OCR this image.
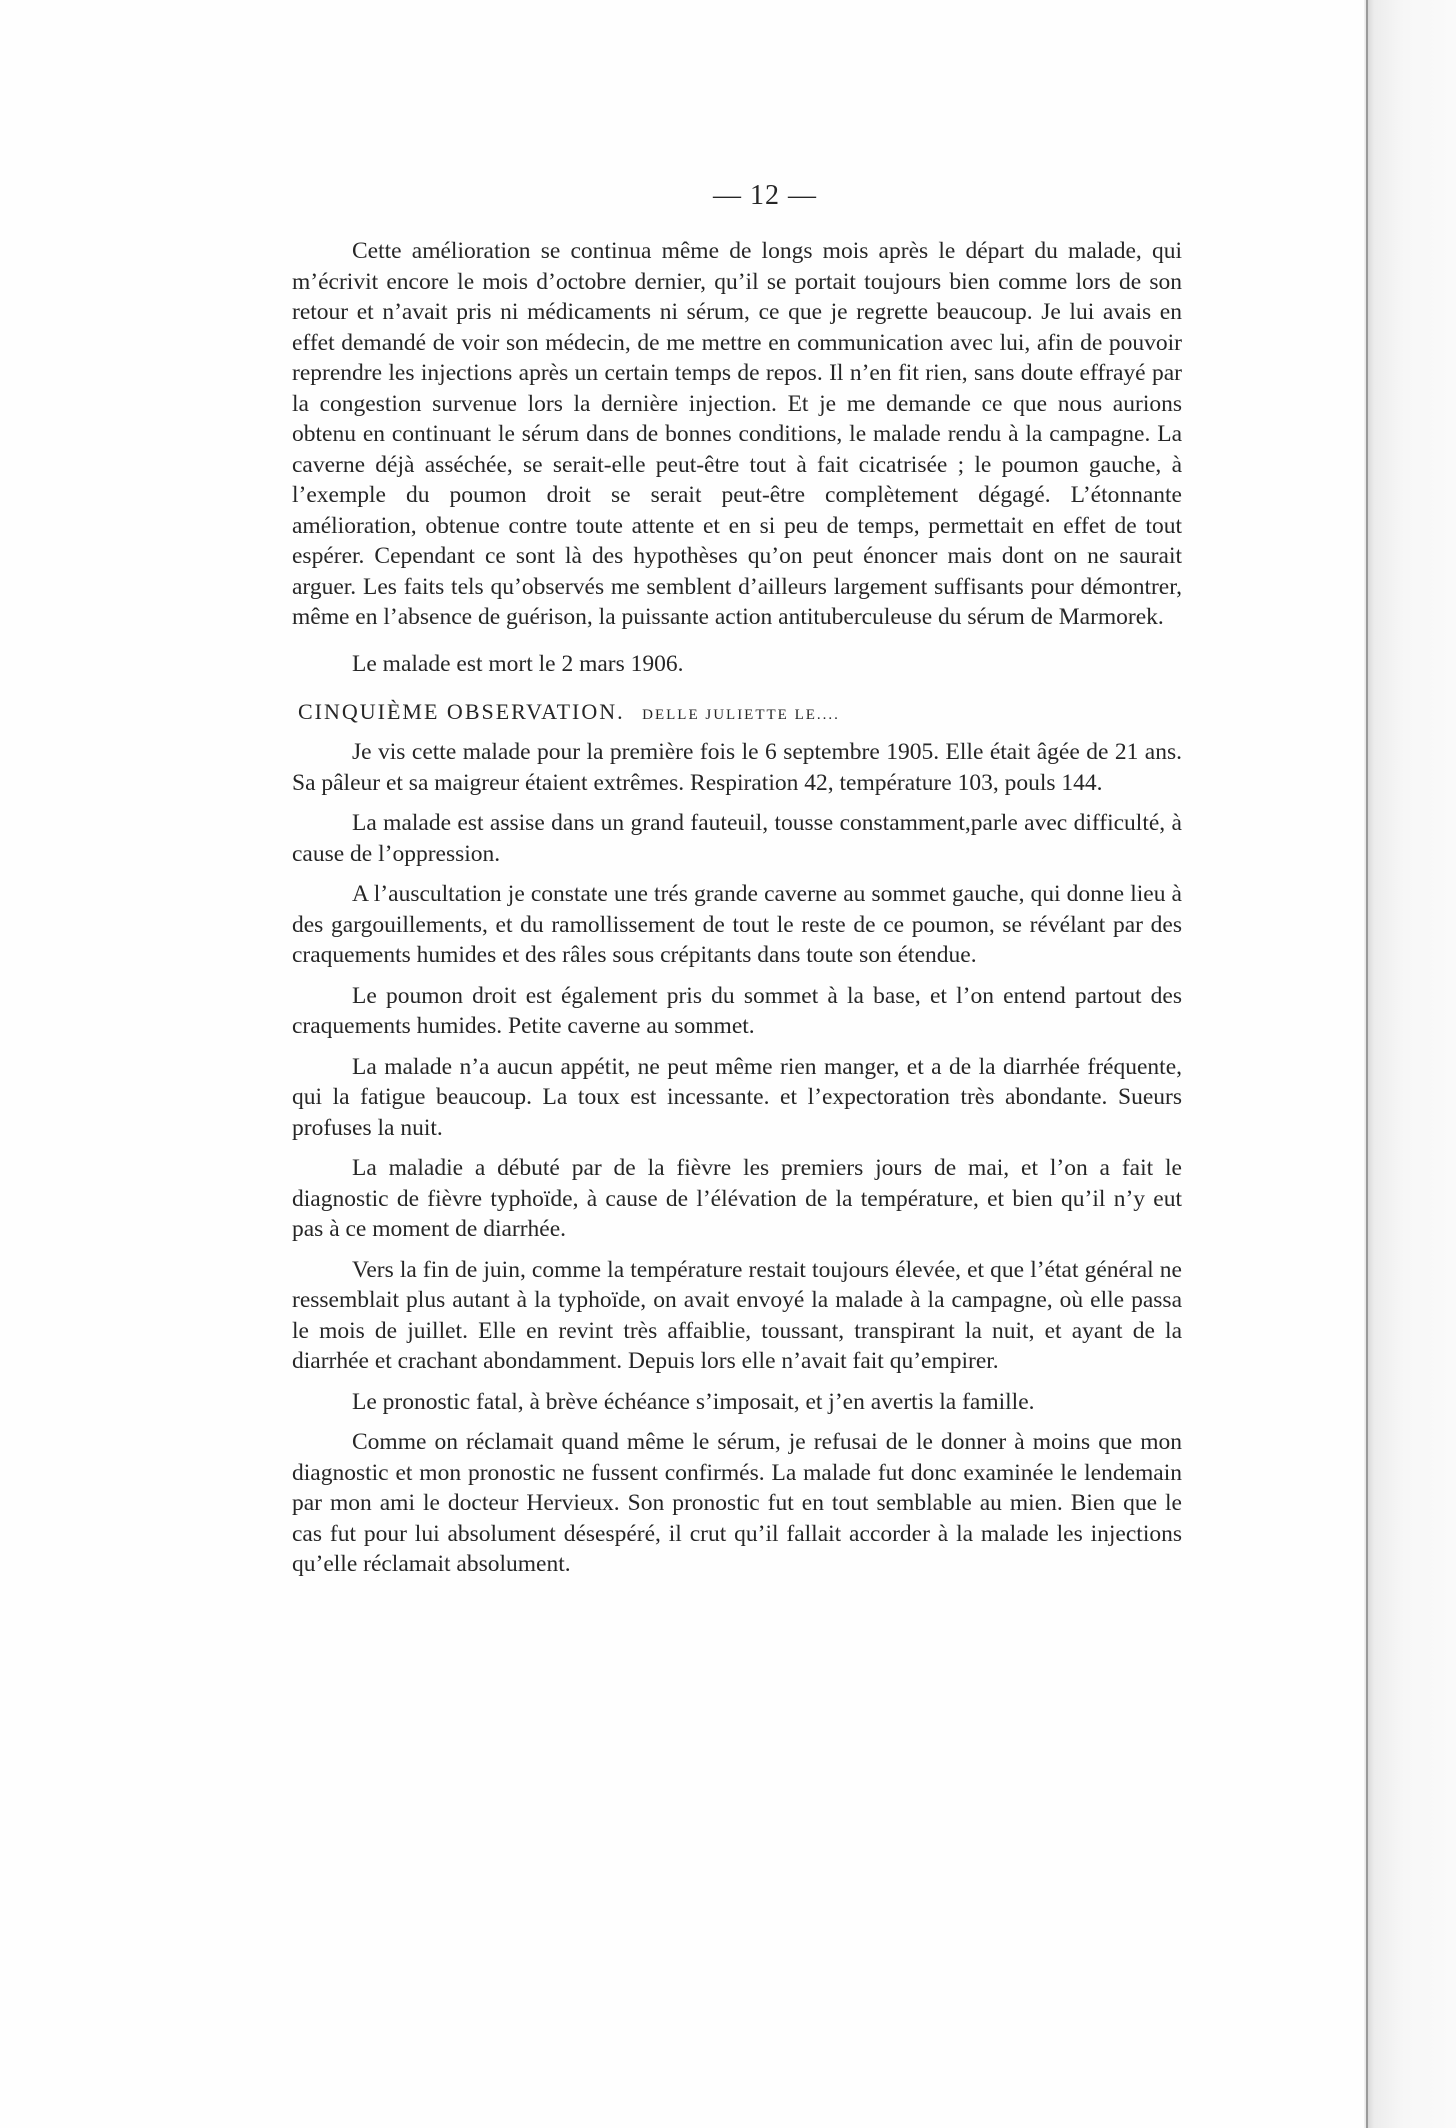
— 12 —

Cette amélioration se continua même de longs mois après le départ du malade, qui m’écrivit encore le mois d’octobre dernier, qu’il se portait toujours bien comme lors de son retour et n’avait pris ni médicaments ni sérum, ce que je regrette beaucoup. Je lui avais en effet demandé de voir son médecin, de me mettre en communication avec lui, afin de pouvoir reprendre les injections après un certain temps de repos. Il n’en fit rien, sans doute effrayé par la congestion survenue lors la dernière injection. Et je me demande ce que nous aurions obtenu en continuant le sérum dans de bonnes conditions, le malade rendu à la campagne. La caverne déjà asséchée, se serait-elle peut-être tout à fait cicatrisée ; le poumon gauche, à l’exemple du poumon droit se serait peut-être complètement dégagé. L’étonnante amélioration, obtenue contre toute attente et en si peu de temps, permettait en effet de tout espérer. Cependant ce sont là des hypothèses qu’on peut énoncer mais dont on ne saurait arguer. Les faits tels qu’observés me semblent d’ailleurs largement suffisants pour démontrer, même en l’absence de guérison, la puissante action antituberculeuse du sérum de Marmorek.

Le malade est mort le 2 mars 1906.

CINQUIÈME OBSERVATION. DELLE JULIETTE LE....

Je vis cette malade pour la première fois le 6 septembre 1905. Elle était âgée de 21 ans. Sa pâleur et sa maigreur étaient extrêmes. Respiration 42, température 103, pouls 144.

La malade est assise dans un grand fauteuil, tousse constamment,parle avec difficulté, à cause de l’oppression.

A l’auscultation je constate une trés grande caverne au sommet gauche, qui donne lieu à des gargouillements, et du ramollissement de tout le reste de ce poumon, se révélant par des craquements humides et des râles sous crépitants dans toute son étendue.

Le poumon droit est également pris du sommet à la base, et l’on entend partout des craquements humides. Petite caverne au sommet.

La malade n’a aucun appétit, ne peut même rien manger, et a de la diarrhée fréquente, qui la fatigue beaucoup. La toux est incessante. et l’expectoration très abondante. Sueurs profuses la nuit.

La maladie a débuté par de la fièvre les premiers jours de mai, et l’on a fait le diagnostic de fièvre typhoïde, à cause de l’élévation de la température, et bien qu’il n’y eut pas à ce moment de diarrhée.

Vers la fin de juin, comme la température restait toujours élevée, et que l’état général ne ressemblait plus autant à la typhoïde, on avait envoyé la malade à la campagne, où elle passa le mois de juillet. Elle en revint très affaiblie, toussant, transpirant la nuit, et ayant de la diarrhée et crachant abondamment. Depuis lors elle n’avait fait qu’empirer.

Le pronostic fatal, à brève échéance s’imposait, et j’en avertis la famille.

Comme on réclamait quand même le sérum, je refusai de le donner à moins que mon diagnostic et mon pronostic ne fussent confirmés. La malade fut donc examinée le lendemain par mon ami le docteur Hervieux. Son pronostic fut en tout semblable au mien. Bien que le cas fut pour lui absolument désespéré, il crut qu’il fallait accorder à la malade les injections qu’elle réclamait absolument.
